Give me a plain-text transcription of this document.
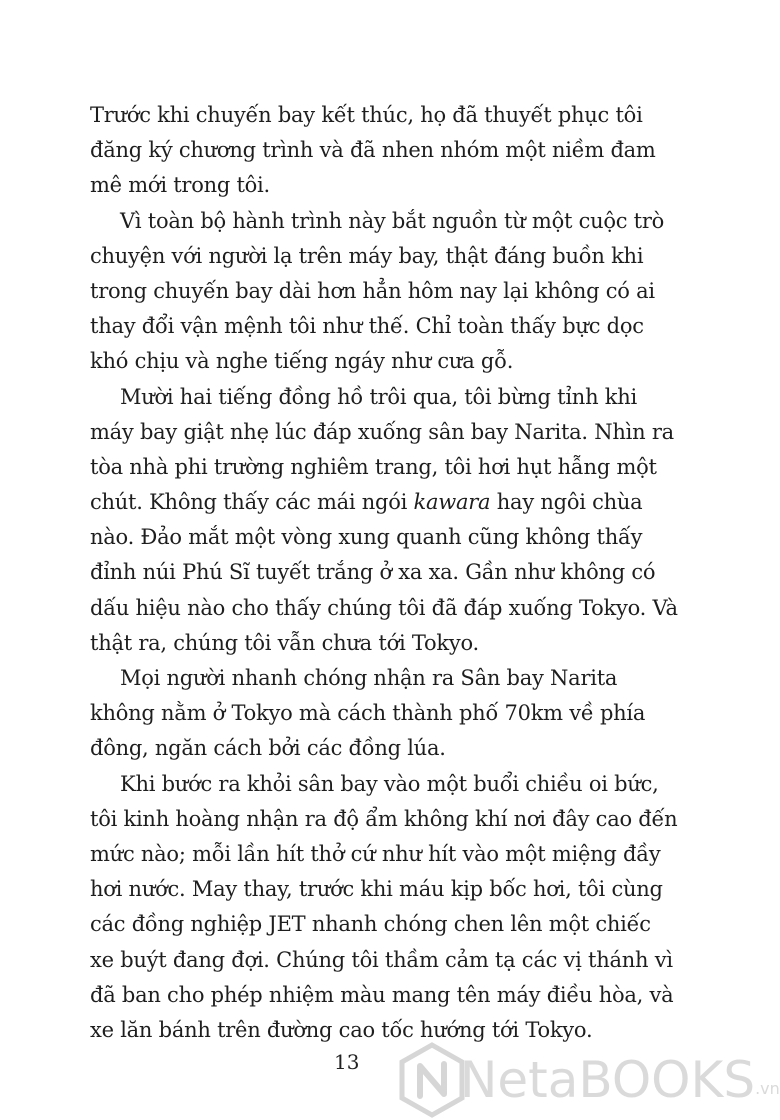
Trước khi chuyến bay kết thúc, họ đã thuyết phục tôi
đăng ký chương trình và đã nhen nhóm một niềm đam
mê mới trong tôi.
Vì toàn bộ hành trình này bắt nguồn từ một cuộc trò
chuyện với người lạ trên máy bay, thật đáng buồn khi
trong chuyến bay dài hơn hẳn hôm nay lại không có ai
thay đổi vận mệnh tôi như thế. Chỉ toàn thấy bực dọc
khó chịu và nghe tiếng ngáy như cưa gỗ.
Mười hai tiếng đồng hồ trôi qua, tôi bừng tỉnh khi
máy bay giật nhẹ lúc đáp xuống sân bay Narita. Nhìn ra
tòa nhà phi trường nghiêm trang, tôi hơi hụt hẫng một
chút. Không thấy các mái ngói kawara hay ngôi chùa
nào. Đảo mắt một vòng xung quanh cũng không thấy
đỉnh núi Phú Sĩ tuyết trắng ở xa xa. Gần như không có
dấu hiệu nào cho thấy chúng tôi đã đáp xuống Tokyo. Và
thật ra, chúng tôi vẫn chưa tới Tokyo.
Mọi người nhanh chóng nhận ra Sân bay Narita
không nằm ở Tokyo mà cách thành phố 70km về phía
đông, ngăn cách bởi các đồng lúa.
Khi bước ra khỏi sân bay vào một buổi chiều oi bức,
tôi kinh hoàng nhận ra độ ẩm không khí nơi đây cao đến
mức nào; mỗi lần hít thở cứ như hít vào một miệng đầy
hơi nước. May thay, trước khi máu kịp bốc hơi, tôi cùng
các đồng nghiệp JET nhanh chóng chen lên một chiếc
xe buýt đang đợi. Chúng tôi thầm cảm tạ các vị thánh vì
đã ban cho phép nhiệm màu mang tên máy điều hòa, và
xe lăn bánh trên đường cao tốc hướng tới Tokyo.
13 NetaBOOKS .vn
